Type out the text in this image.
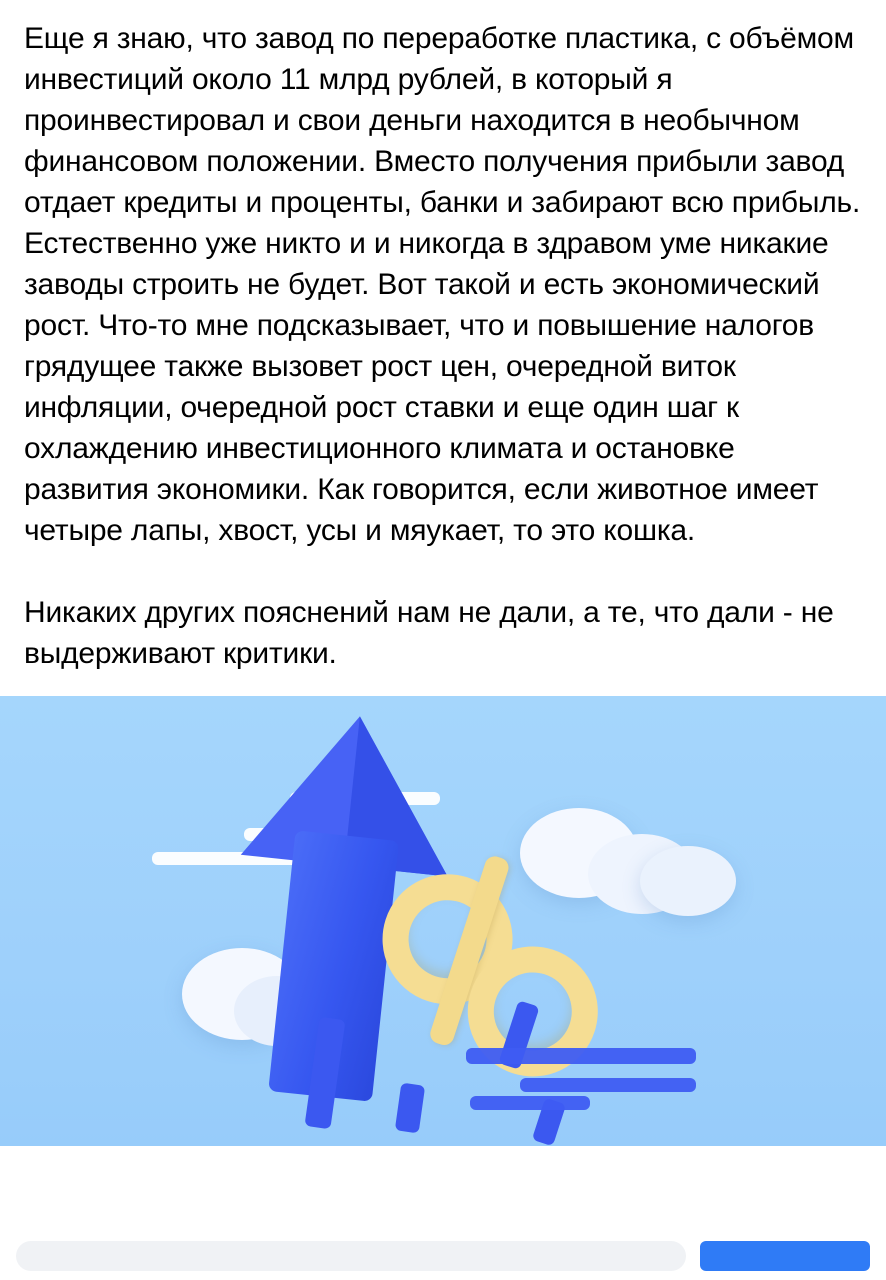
Еще я знаю, что завод по переработке пластика, с объёмом инвестиций около 11 млрд рублей, в который я проинвестировал и свои деньги находится в необычном финансовом положении. Вместо получения прибыли завод отдает кредиты и проценты, банки и забирают всю прибыль. Естественно уже никто и и никогда в здравом уме никакие заводы строить не будет. Вот такой и есть экономический рост. Что-то мне подсказывает, что и повышение налогов грядущее также вызовет рост цен, очередной виток инфляции, очередной рост ставки и еще один шаг к охлаждению инвестиционного климата и остановке развития экономики. Как говорится, если животное имеет четыре лапы, хвост, усы и мяукает, то это кошка.

Никаких других пояснений нам не дали, а те, что дали - не выдерживают критики.
